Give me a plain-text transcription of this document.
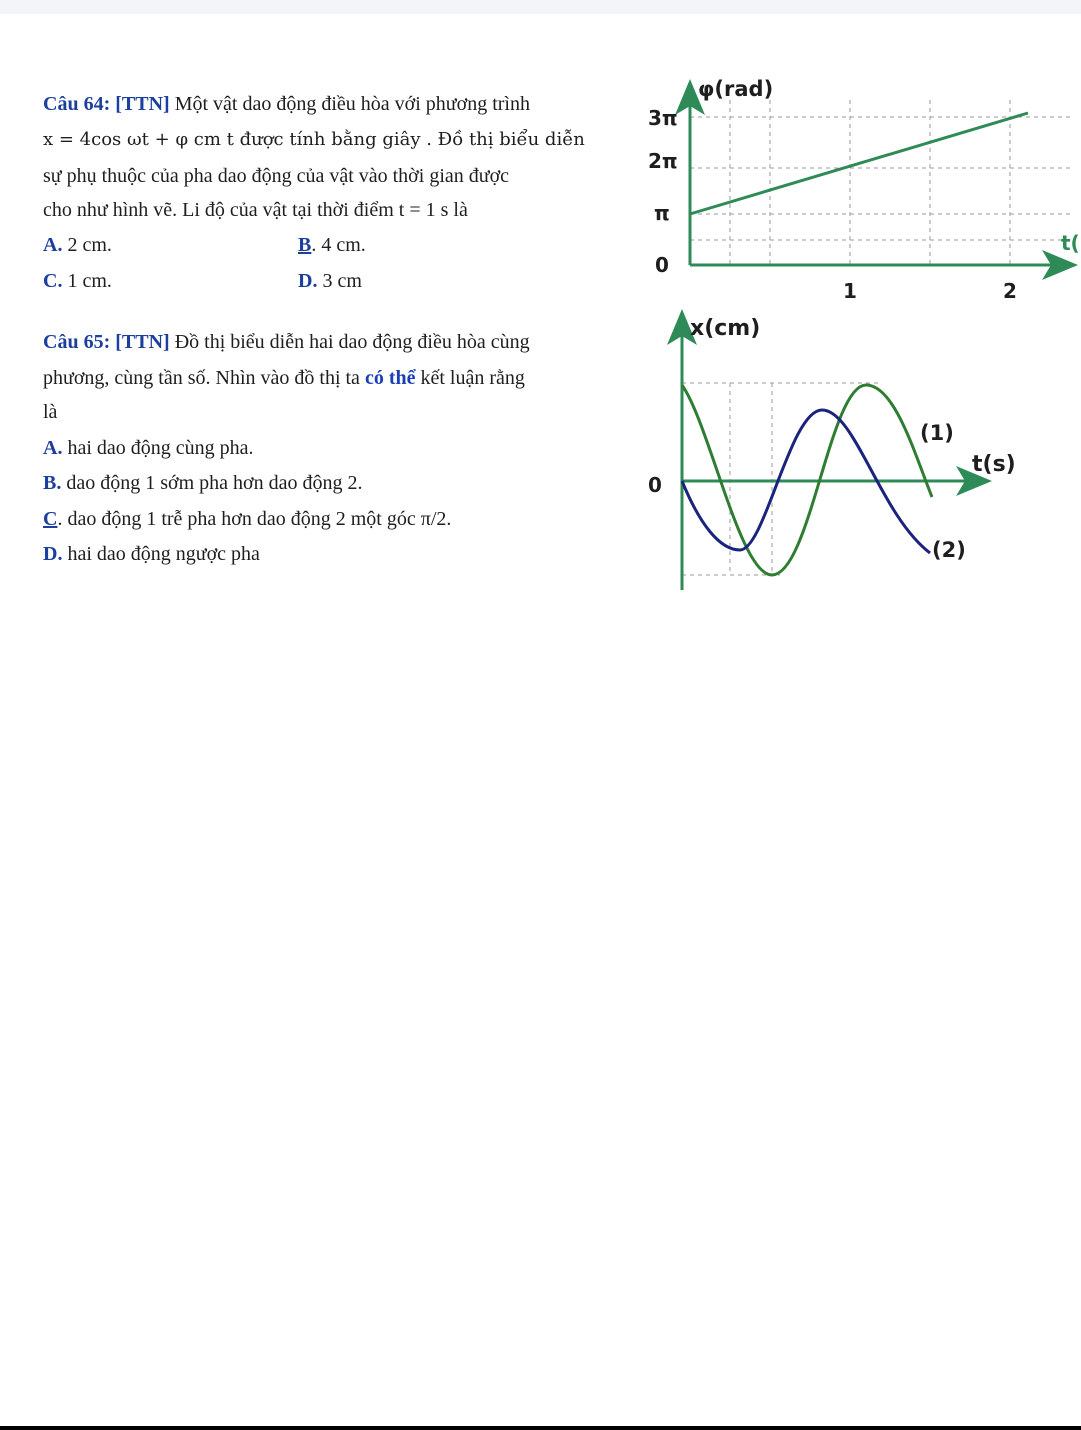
Câu 64: [TTN] Một vật dao động điều hòa với phương trình
x = 4cos ωt + φ cm t được tính bằng giây . Đồ thị biểu diễn
sự phụ thuộc của pha dao động của vật vào thời gian được
cho như hình vẽ. Li độ của vật tại thời điểm t = 1 s là
A. 2 cm.	B. 4 cm.
C. 1 cm.	D. 3 cm
φ(rad)
3π
2π
π
0
1	2
t(
Câu 65: [TTN] Đồ thị biểu diễn hai dao động điều hòa cùng
phương, cùng tần số. Nhìn vào đồ thị ta có thể kết luận rằng
là
A. hai dao động cùng pha.
B. dao động 1 sớm pha hơn dao động 2.
C. dao động 1 trễ pha hơn dao động 2 một góc π/2.
D. hai dao động ngược pha
x(cm)
t(s)
0
(1)
(2)
